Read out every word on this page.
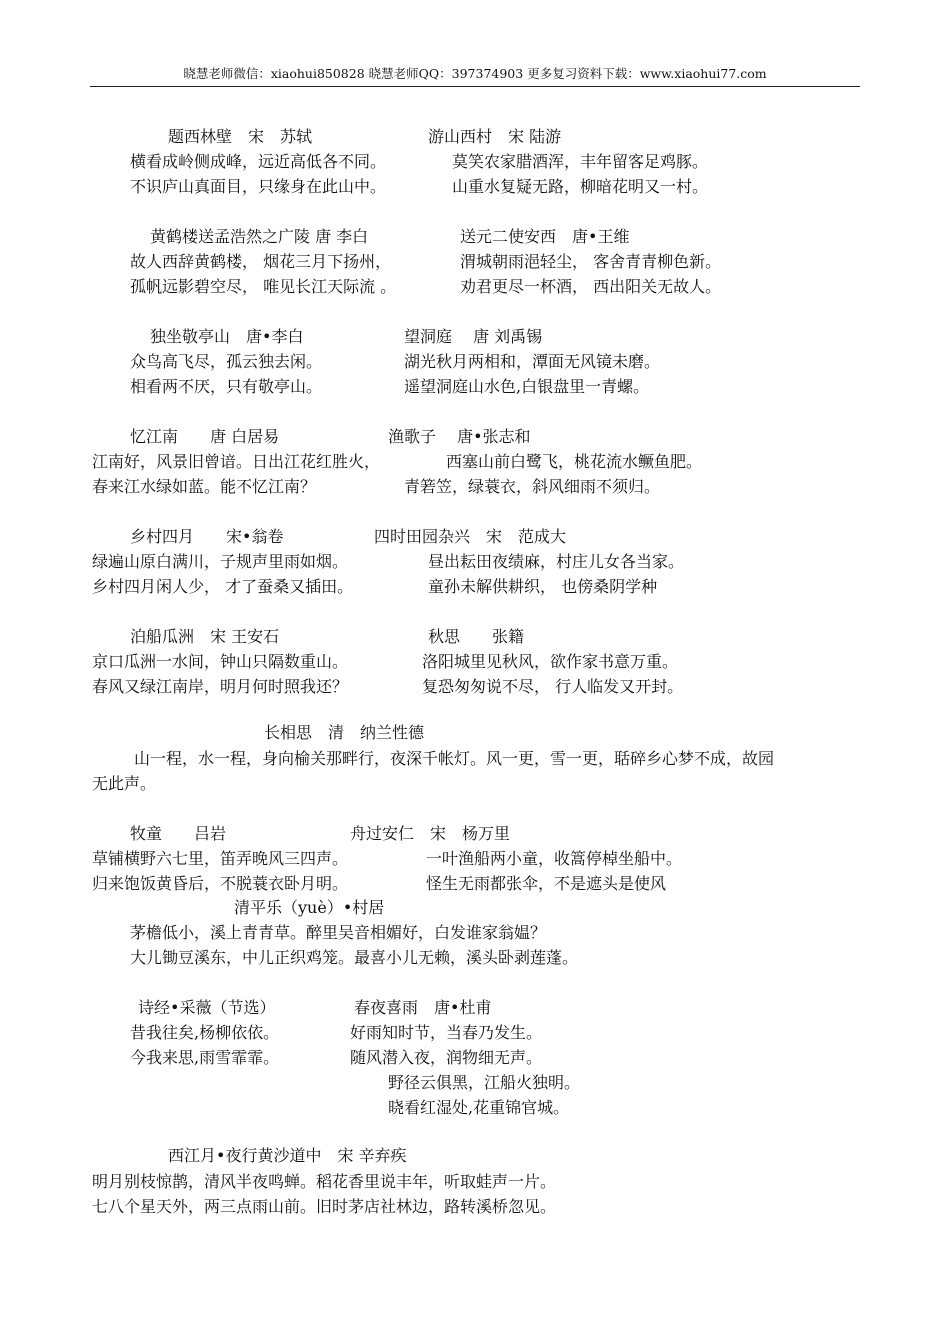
晓慧老师微信：xiaohui850828 晓慧老师QQ：397374903 更多复习资料下载：www.xiaohui77.com
题西林壁　宋　苏轼	游山西村　宋 陆游
横看成岭侧成峰，远近高低各不同。	莫笑农家腊酒浑，丰年留客足鸡豚。
不识庐山真面目，只缘身在此山中。	山重水复疑无路，柳暗花明又一村。
黄鹤楼送孟浩然之广陵 唐 李白	送元二使安西　唐•王维
故人西辞黄鹤楼， 烟花三月下扬州，	渭城朝雨浥轻尘， 客舍青青柳色新。
孤帆远影碧空尽， 唯见长江天际流 。	劝君更尽一杯酒， 西出阳关无故人。
独坐敬亭山　唐•李白	望洞庭　 唐 刘禹锡
众鸟高飞尽，孤云独去闲。	湖光秋月两相和，潭面无风镜未磨。
相看两不厌，只有敬亭山。	遥望洞庭山水色,白银盘里一青螺。
忆江南　　唐 白居易	渔歌子　 唐•张志和
江南好，风景旧曾谙。日出江花红胜火，	西塞山前白鹭飞，桃花流水鳜鱼肥。
春来江水绿如蓝。能不忆江南？	青箬笠，绿蓑衣，斜风细雨不须归。
乡村四月　　宋•翁卷	四时田园杂兴　宋　范成大
绿遍山原白满川，子规声里雨如烟。	昼出耘田夜绩麻，村庄儿女各当家。
乡村四月闲人少， 才了蚕桑又插田。	童孙未解供耕织， 也傍桑阴学种
泊船瓜洲　宋 王安石	秋思　　张籍
京口瓜洲一水间，钟山只隔数重山。	洛阳城里见秋风，欲作家书意万重。
春风又绿江南岸，明月何时照我还？	复恐匆匆说不尽， 行人临发又开封。
长相思　清　纳兰性德
山一程，水一程，身向榆关那畔行，夜深千帐灯。风一更，雪一更，聒碎乡心梦不成，故园
无此声。
牧童　　吕岩	舟过安仁　宋　杨万里
草铺横野六七里，笛弄晚风三四声。	一叶渔船两小童，收篙停棹坐船中。
归来饱饭黄昏后，不脱蓑衣卧月明。	怪生无雨都张伞，不是遮头是使风
清平乐（yuè）•村居
茅檐低小，溪上青青草。醉里吴音相媚好，白发谁家翁媪？
大儿锄豆溪东，中儿正织鸡笼。最喜小儿无赖，溪头卧剥莲蓬。
诗经•采薇（节选）	春夜喜雨　唐•杜甫
昔我往矣,杨柳依依。	好雨知时节，当春乃发生。
今我来思,雨雪霏霏。	随风潜入夜，润物细无声。
野径云俱黑，江船火独明。
晓看红湿处,花重锦官城。
西江月•夜行黄沙道中　宋 辛弃疾
明月别枝惊鹊，清风半夜鸣蝉。稻花香里说丰年，听取蛙声一片。
七八个星天外，两三点雨山前。旧时茅店社林边，路转溪桥忽见。
